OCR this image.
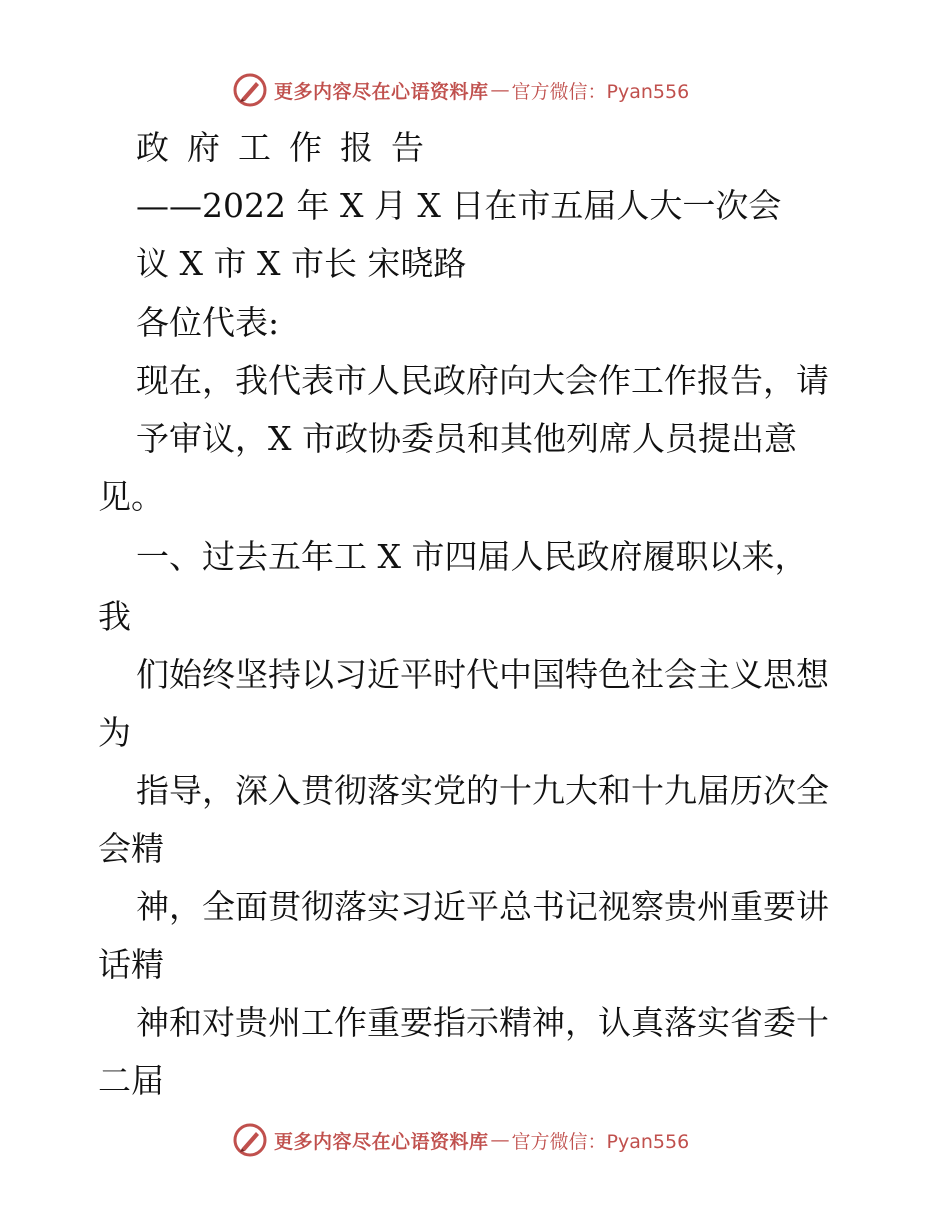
更多内容尽在心语资料库 — 官方微信：Pyan556
政府工作报告
——2022 年 X 月 X 日在市五届人大一次会
议 X 市 X 市长 宋晓路
各位代表:
现在，我代表市人民政府向大会作工作报告，请
予审议，X 市政协委员和其他列席人员提出意
见。
一、过去五年工 X 市四届人民政府履职以来，
我
们始终坚持以习近平时代中国特色社会主义思想
为
指导，深入贯彻落实党的十九大和十九届历次全
会精
神，全面贯彻落实习近平总书记视察贵州重要讲
话精
神和对贵州工作重要指示精神，认真落实省委十
二届
更多内容尽在心语资料库 — 官方微信：Pyan556
